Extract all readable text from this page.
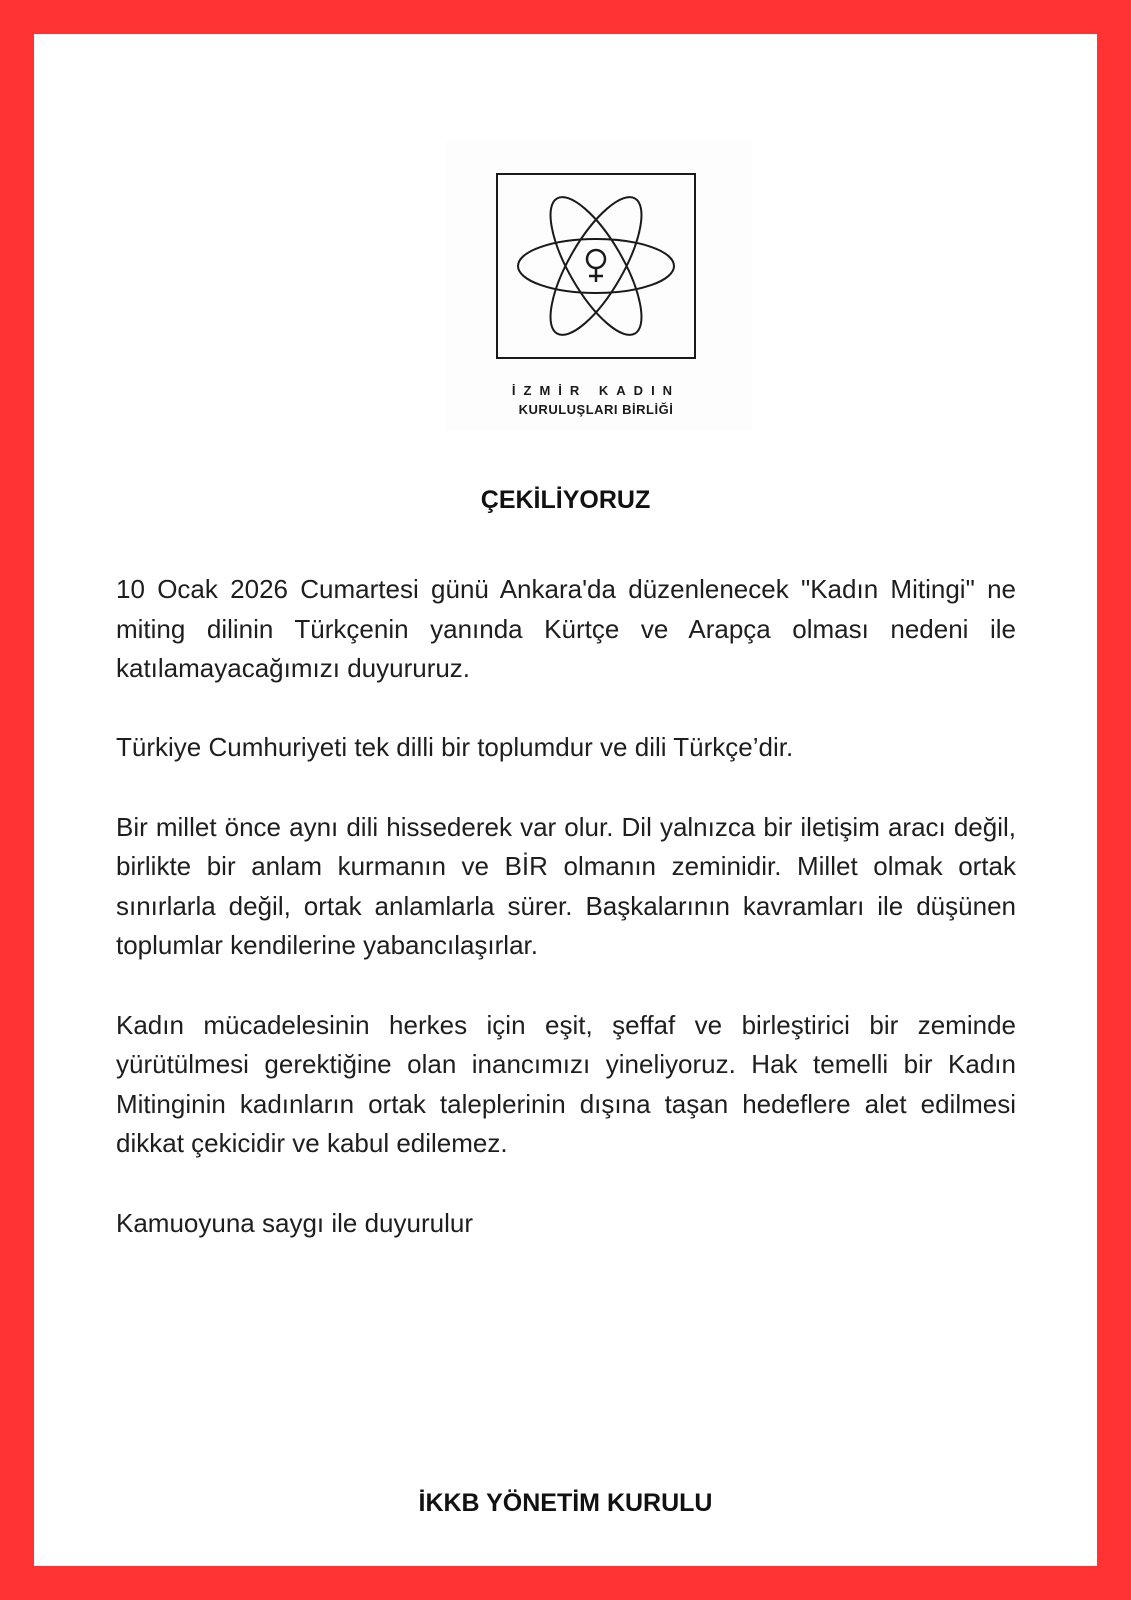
İZMİR KADIN
KURULUŞLARI BİRLİĞİ
ÇEKİLİYORUZ

10 Ocak 2026 Cumartesi günü Ankara'da düzenlenecek "Kadın Mitingi" ne miting dilinin Türkçenin yanında Kürtçe ve Arapça olması nedeni ile katılamayacağımızı duyururuz.

Türkiye Cumhuriyeti tek dilli bir toplumdur ve dili Türkçe’dir.

Bir millet önce aynı dili hissederek var olur. Dil yalnızca bir iletişim aracı değil, birlikte bir anlam kurmanın ve BİR olmanın zeminidir. Millet olmak ortak sınırlarla değil, ortak anlamlarla sürer. Başkalarının kavramları ile düşünen toplumlar kendilerine yabancılaşırlar.

Kadın mücadelesinin herkes için eşit, şeffaf ve birleştirici bir zeminde yürütülmesi gerektiğine olan inancımızı yineliyoruz. Hak temelli bir Kadın Mitinginin kadınların ortak taleplerinin dışına taşan hedeflere alet edilmesi dikkat çekicidir ve kabul edilemez.

Kamuoyuna saygı ile duyurulur

İKKB YÖNETİM KURULU
